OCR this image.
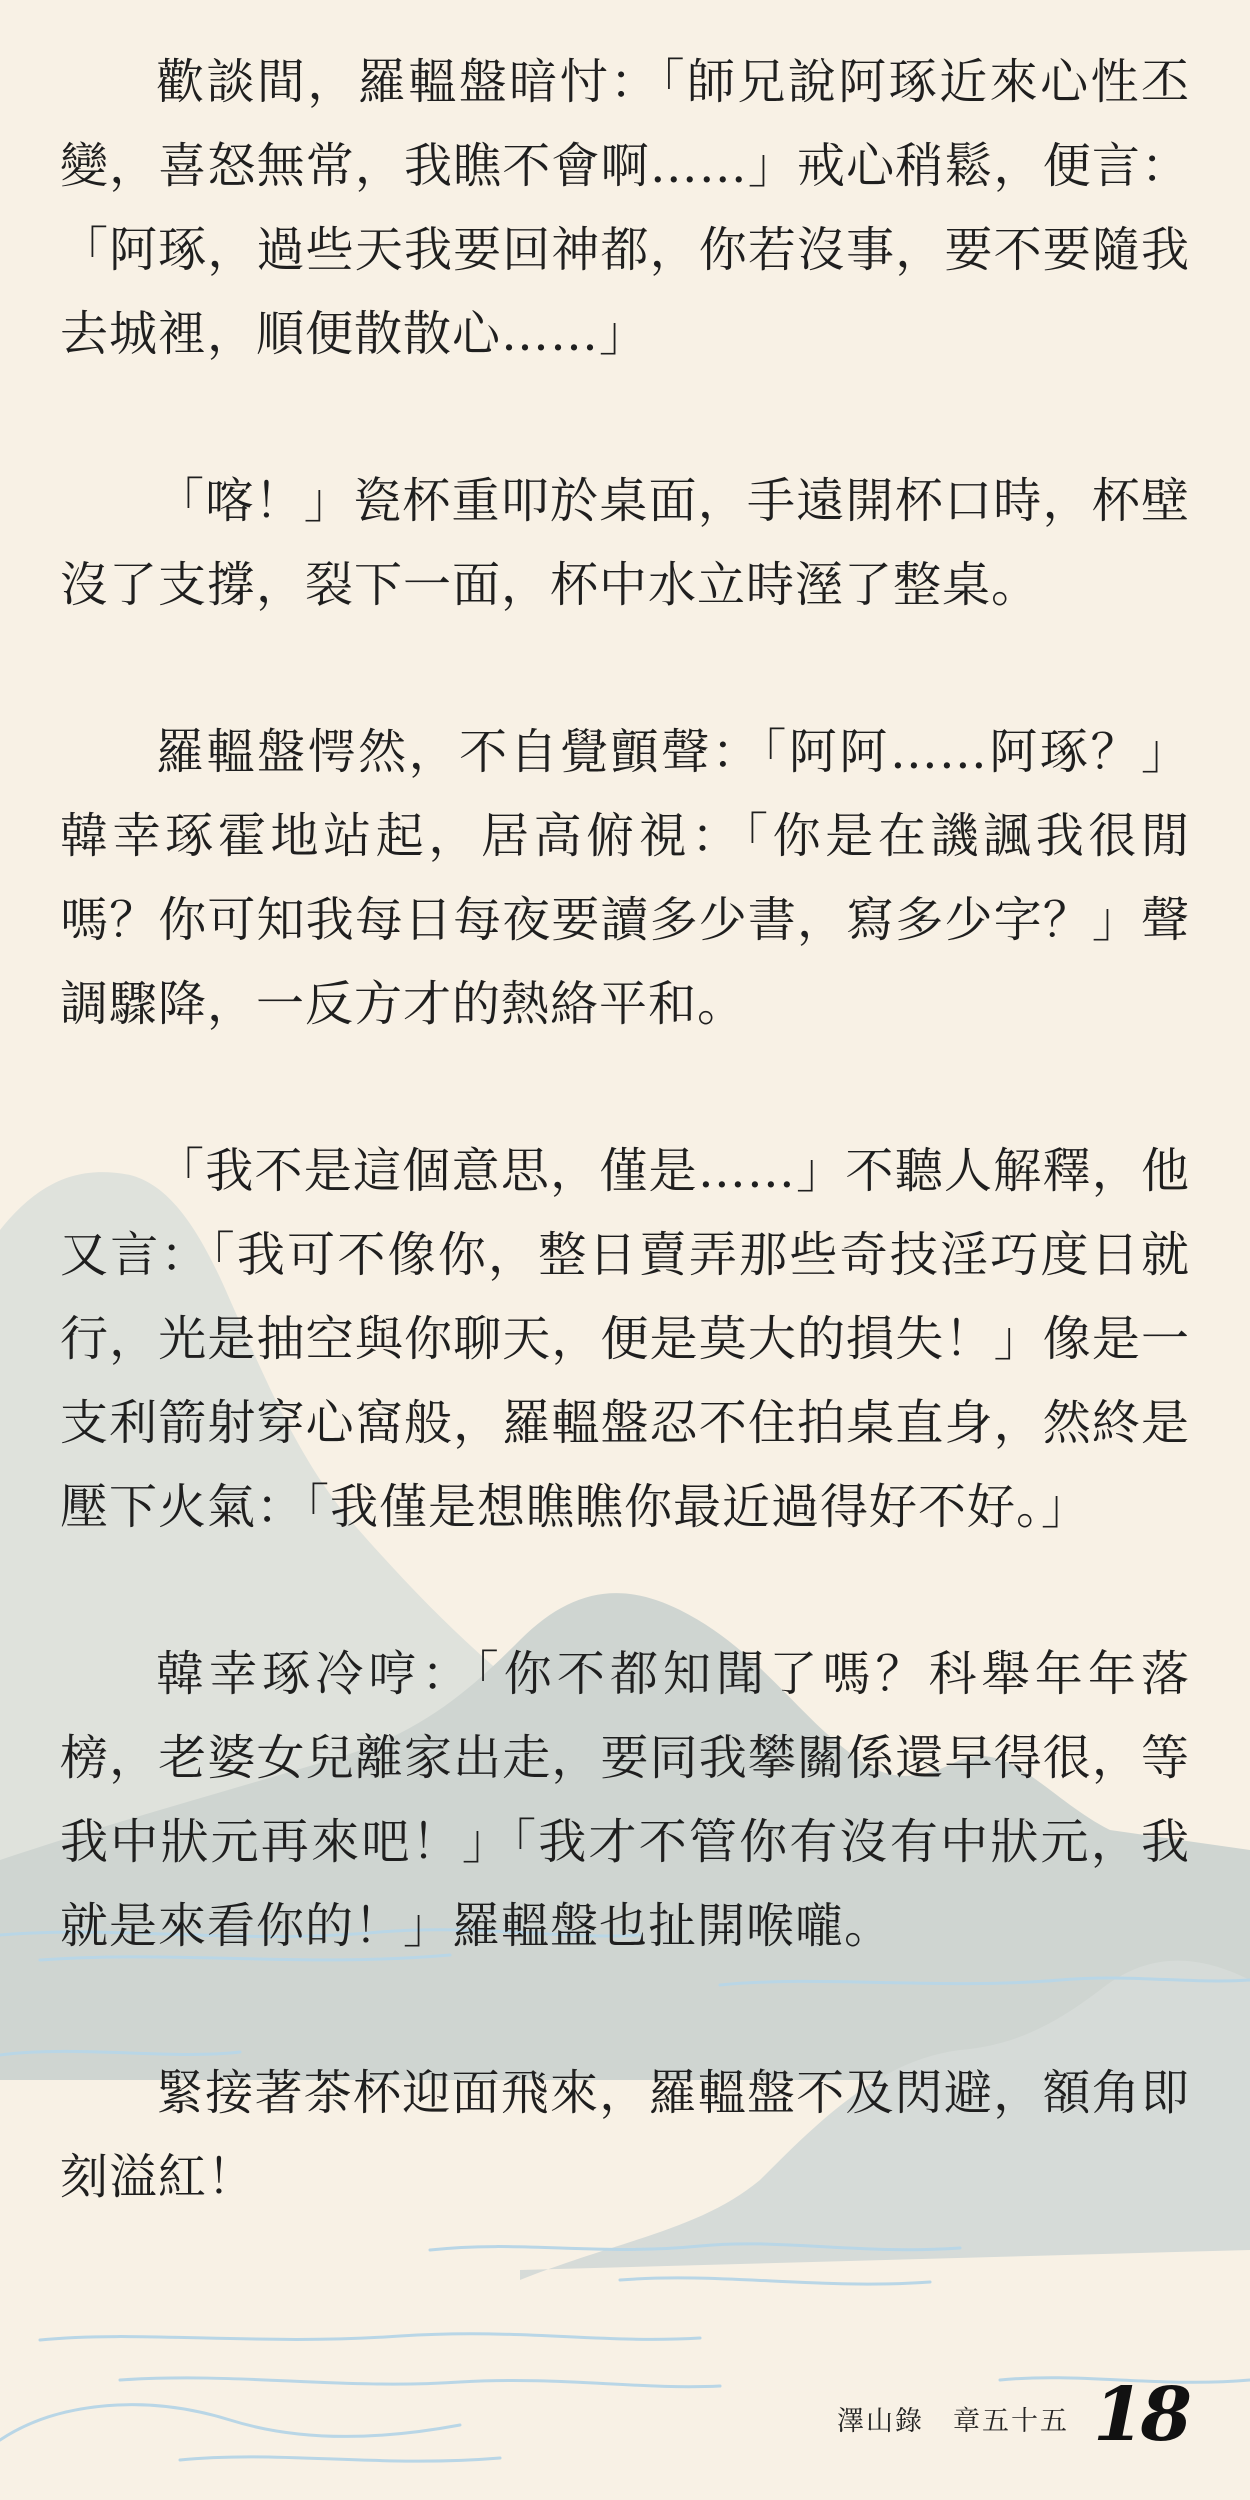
歡談間，羅轀盤暗忖：「師兄說阿琢近來心性丕變，喜怒無常，我瞧不會啊……」戒心稍鬆，便言：「阿琢，過些天我要回神都，你若沒事，要不要隨我去城裡，順便散散心……」

「喀！」瓷杯重叩於桌面，手遠開杯口時，杯壁沒了支撐，裂下一面，杯中水立時溼了整桌。

羅轀盤愕然，不自覺顫聲：「阿阿……阿琢？」韓幸琢霍地站起，居高俯視：「你是在譏諷我很閒嗎？你可知我每日每夜要讀多少書，寫多少字？」聲調驟降，一反方才的熱絡平和。

「我不是這個意思，僅是……」不聽人解釋，他又言：「我可不像你，整日賣弄那些奇技淫巧度日就行，光是抽空與你聊天，便是莫大的損失！」像是一支利箭射穿心窩般，羅轀盤忍不住拍桌直身，然終是壓下火氣：「我僅是想瞧瞧你最近過得好不好。」

韓幸琢冷哼：「你不都知聞了嗎？科舉年年落榜，老婆女兒離家出走，要同我攀關係還早得很，等我中狀元再來吧！」「我才不管你有沒有中狀元，我就是來看你的！」羅轀盤也扯開喉嚨。

緊接著茶杯迎面飛來，羅轀盤不及閃避，額角即刻溢紅！

澤山錄　章五十五 18
